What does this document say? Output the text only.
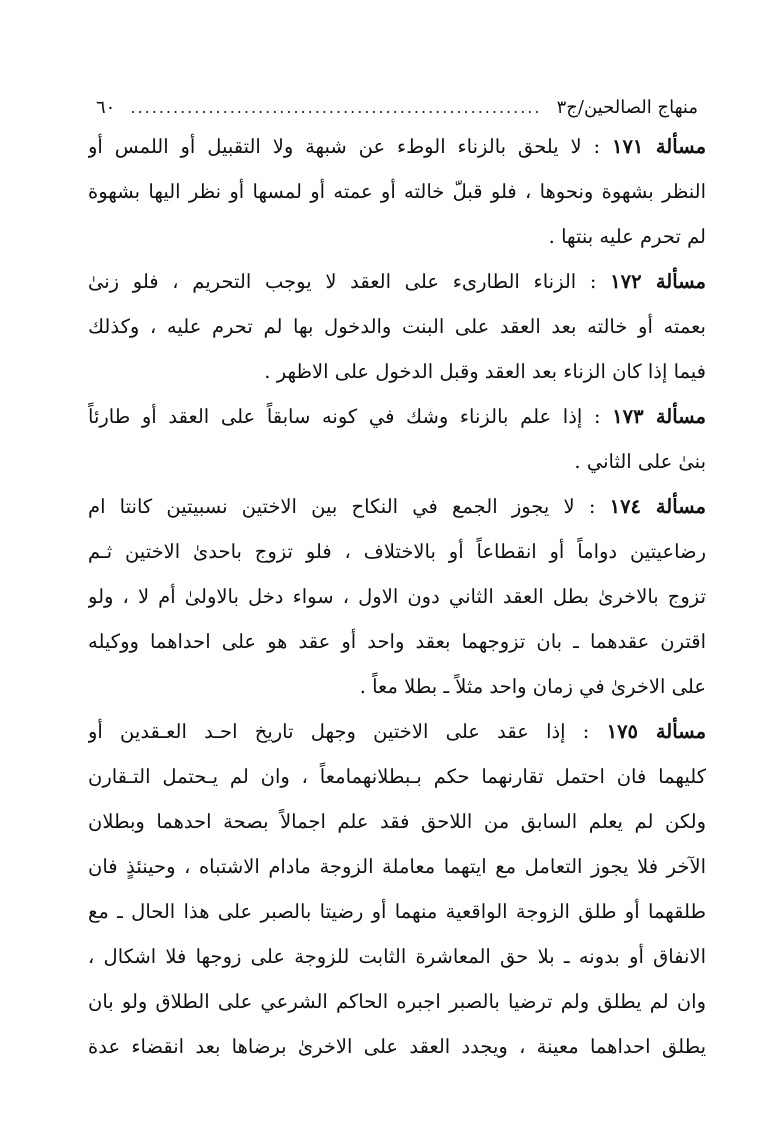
منهاج الصالحين/ج٣
..........................................................
٦٠
مسألة ١٧١ : لا يلحق بالزناء الوطء عن شبهة ولا التقبيل أو اللمس أو
النظر بشهوة ونحوها ، فلو قبلّ خالته أو عمته أو لمسها أو نظر اليها بشهوة
لم تحرم عليه بنتها .
مسألة ١٧٢ : الزناء الطارىء على العقد لا يوجب التحريم ، فلو زنىٰ
بعمته أو خالته بعد العقد على البنت والدخول بها لم تحرم عليه ، وكذلك
فيما إذا كان الزناء بعد العقد وقبل الدخول على الاظهر .
مسألة ١٧٣ : إذا علم بالزناء وشك في كونه سابقاً على العقد أو طارئاً
بنىٰ على الثاني .
مسألة ١٧٤ : لا يجوز الجمع في النكاح بين الاختين نسبيتين كانتا ام
رضاعيتين دواماً أو انقطاعاً أو بالاختلاف ، فلو تزوج باحدىٰ الاختين ثـم
تزوج بالاخرىٰ بطل العقد الثاني دون الاول ، سواء دخل بالاولىٰ أم لا ، ولو
اقترن عقدهما ـ بان تزوجهما بعقد واحد أو عقد هو على احداهما ووكيله
على الاخرىٰ في زمان واحد مثلاً ـ بطلا معاً .
مسألة ١٧٥ : إذا عقد على الاختين وجهل تاريخ احـد العـقدين أو
كليهما فان احتمل تقارنهما حكم بـبطلانهمامعاً ، وان لم يـحتمل التـقارن
ولكن لم يعلم السابق من اللاحق فقد علم اجمالاً بصحة احدهما وبطلان
الآخر فلا يجوز التعامل مع ايتهما معاملة الزوجة مادام الاشتباه ، وحينئذٍ فان
طلقهما أو طلق الزوجة الواقعية منهما أو رضيتا بالصبر على هذا الحال ـ مع
الانفاق أو بدونه ـ بلا حق المعاشرة الثابت للزوجة على زوجها فلا اشكال ،
وان لم يطلق ولم ترضيا بالصبر اجبره الحاكم الشرعي على الطلاق ولو بان
يطلق احداهما معينة ، ويجدد العقد على الاخرىٰ برضاها بعد انقضاء عدة
